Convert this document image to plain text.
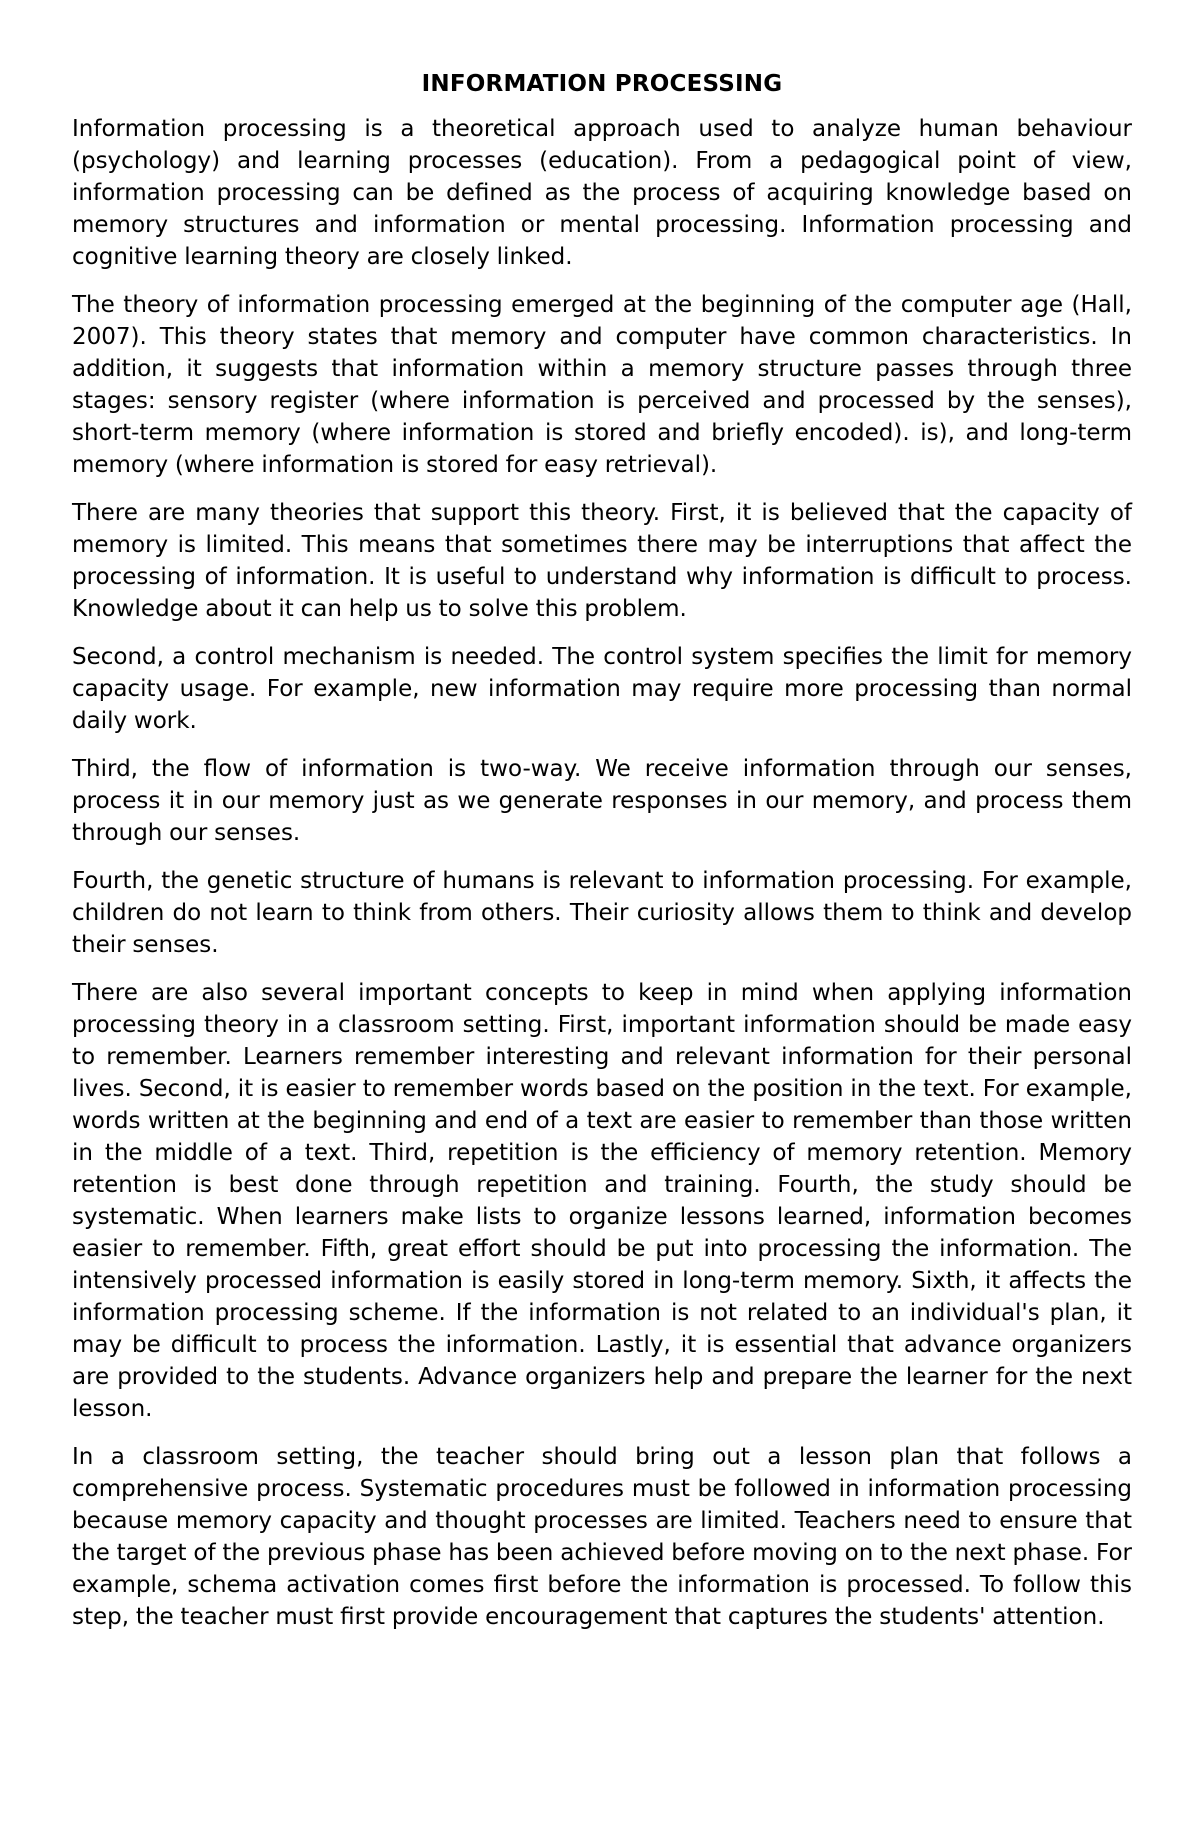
INFORMATION PROCESSING

Information processing is a theoretical approach used to analyze human behaviour (psychology) and learning processes (education). From a pedagogical point of view, information processing can be defined as the process of acquiring knowledge based on memory structures and information or mental processing. Information processing and cognitive learning theory are closely linked.

The theory of information processing emerged at the beginning of the computer age (Hall, 2007). This theory states that memory and computer have common characteristics. In addition, it suggests that information within a memory structure passes through three stages: sensory register (where information is perceived and processed by the senses), short-term memory (where information is stored and briefly encoded). is), and long-term memory (where information is stored for easy retrieval).

There are many theories that support this theory. First, it is believed that the capacity of memory is limited. This means that sometimes there may be interruptions that affect the processing of information. It is useful to understand why information is difficult to process. Knowledge about it can help us to solve this problem.

Second, a control mechanism is needed. The control system specifies the limit for memory capacity usage. For example, new information may require more processing than normal daily work.

Third, the flow of information is two-way. We receive information through our senses, process it in our memory just as we generate responses in our memory, and process them through our senses.

Fourth, the genetic structure of humans is relevant to information processing. For example, children do not learn to think from others. Their curiosity allows them to think and develop their senses.

There are also several important concepts to keep in mind when applying information processing theory in a classroom setting. First, important information should be made easy to remember. Learners remember interesting and relevant information for their personal lives. Second, it is easier to remember words based on the position in the text. For example, words written at the beginning and end of a text are easier to remember than those written in the middle of a text. Third, repetition is the efficiency of memory retention. Memory retention is best done through repetition and training. Fourth, the study should be systematic. When learners make lists to organize lessons learned, information becomes easier to remember. Fifth, great effort should be put into processing the information. The intensively processed information is easily stored in long-term memory. Sixth, it affects the information processing scheme. If the information is not related to an individual's plan, it may be difficult to process the information. Lastly, it is essential that advance organizers are provided to the students. Advance organizers help and prepare the learner for the next lesson.

In a classroom setting, the teacher should bring out a lesson plan that follows a comprehensive process. Systematic procedures must be followed in information processing because memory capacity and thought processes are limited. Teachers need to ensure that the target of the previous phase has been achieved before moving on to the next phase. For example, schema activation comes first before the information is processed. To follow this step, the teacher must first provide encouragement that captures the students' attention.
